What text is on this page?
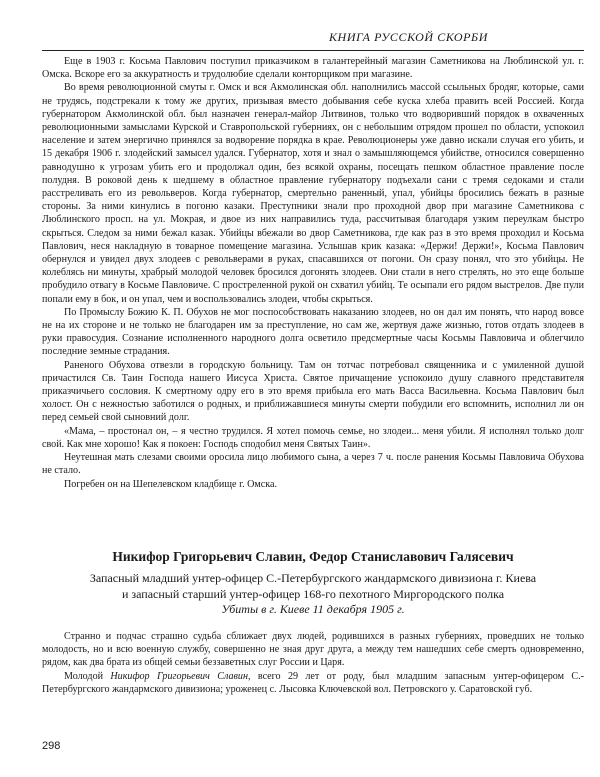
КНИГА РУССКОЙ СКОРБИ

Еще в 1903 г. Косьма Павлович поступил приказчиком в галантерейный магазин Саметникова на Люблинской ул. г. Омска. Вскоре его за аккуратность и трудолюбие сделали конторщиком при магазине.

Во время революционной смуты г. Омск и вся Акмолинская обл. наполнились массой ссыльных бродяг, которые, сами не трудясь, подстрекали к тому же других, призывая вместо добывания себе куска хлеба править всей Россией. Когда губернатором Акмолинской обл. был назначен генерал-майор Литвинов, только что водворивший порядок в охваченных революционными замыслами Курской и Ставропольской губерниях, он с небольшим отрядом прошел по области, успокоил население и затем энергично принялся за водворение порядка в крае. Революционеры уже давно искали случая его убить, и 15 декабря 1906 г. злодейский замысел удался. Губернатор, хотя и знал о замышляющемся убийстве, относился совершенно равнодушно к угрозам убить его и продолжал один, без всякой охраны, посещать пешком областное правление после полудня. В роковой день к шедшему в областное правление губернатору подъехали сани с тремя седоками и стали расстреливать его из револьверов. Когда губернатор, смертельно раненный, упал, убийцы бросились бежать в разные стороны. За ними кинулись в погоню казаки. Преступники знали про проходной двор при магазине Саметникова с Люблинского просп. на ул. Мокрая, и двое из них направились туда, рассчитывая благодаря узким переулкам быстро скрыться. Следом за ними бежал казак. Убийцы вбежали во двор Саметникова, где как раз в это время проходил и Косьма Павлович, неся накладную в товарное помещение магазина. Услышав крик казака: «Держи! Держи!», Косьма Павлович обернулся и увидел двух злодеев с револьверами в руках, спасавшихся от погони. Он сразу понял, что это убийцы. Не колеблясь ни минуты, храбрый молодой человек бросился догонять злодеев. Они стали в него стрелять, но это еще больше пробудило отвагу в Косьме Павловиче. С простреленной рукой он схватил убийц. Те осыпали его рядом выстрелов. Две пули попали ему в бок, и он упал, чем и воспользовались злодеи, чтобы скрыться.

По Промыслу Божию К. П. Обухов не мог поспособствовать наказанию злодеев, но он дал им понять, что народ вовсе не на их стороне и не только не благодарен им за преступление, но сам же, жертвуя даже жизнью, готов отдать злодеев в руки правосудия. Сознание исполненного народного долга осветило предсмертные часы Косьмы Павловича и облегчило последние земные страдания.

Раненого Обухова отвезли в городскую больницу. Там он тотчас потребовал священника и с умиленной душой причастился Св. Таин Господа нашего Иисуса Христа. Святое причащение успокоило душу славного представителя приказчичьего сословия. К смертному одру его в это время прибыла его мать Васса Васильевна. Косьма Павлович был холост. Он с нежностью заботился о родных, и приближавшиеся минуты смерти побудили его вспомнить, исполнил ли он перед семьей свой сыновний долг.

«Мама, – простонал он, – я честно трудился. Я хотел помочь семье, но злодеи... меня убили. Я исполнял только долг свой. Как мне хорошо! Как я покоен: Господь сподобил меня Святых Таин».

Неутешная мать слезами своими оросила лицо любимого сына, а через 7 ч. после ранения Косьмы Павловича Обухова не стало.

Погребен он на Шепелевском кладбище г. Омска.

Никифор Григорьевич Славин, Федор Станиславович Галясевич
Запасный младший унтер-офицер С.-Петербургского жандармского дивизиона г. Киева
и запасный старший унтер-офицер 168-го пехотного Миргородского полка
Убиты в г. Киеве 11 декабря 1905 г.

Странно и подчас страшно судьба сближает двух людей, родившихся в разных губерниях, проведших не только молодость, но и всю военную службу, совершенно не зная друг друга, а между тем нашедших себе смерть одновременно, рядом, как два брата из общей семьи беззаветных слуг России и Царя.

Молодой Никифор Григорьевич Славин, всего 29 лет от роду, был младшим запасным унтер-офицером С.-Петербургского жандармского дивизиона; уроженец с. Лысовка Ключевской вол. Петровского у. Саратовской губ.

298
